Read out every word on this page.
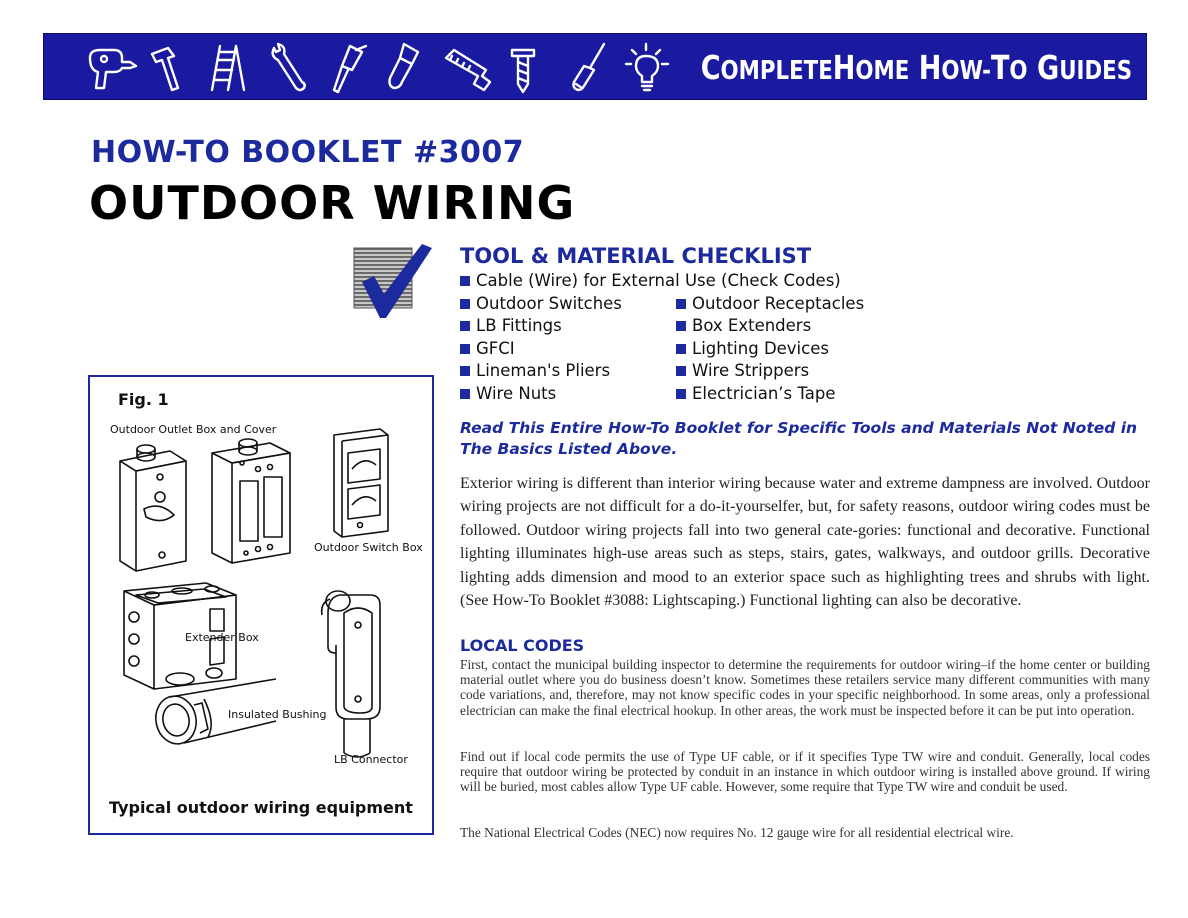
COMPLETEHOME HOW-TO GUIDES
HOW-TO BOOKLET #3007
OUTDOOR WIRING
TOOL & MATERIAL CHECKLIST
Cable (Wire) for External Use (Check Codes)
Outdoor Switches	Outdoor Receptacles
LB Fittings	Box Extenders
GFCI	Lighting Devices
Lineman's Pliers	Wire Strippers
Wire Nuts	Electrician’s Tape
Read This Entire How-To Booklet for Specific Tools and Materials Not Noted in The Basics Listed Above.
Exterior wiring is different than interior wiring because water and extreme dampness are involved. Outdoor wiring projects are not difficult for a do-it-yourselfer, but, for safety reasons, outdoor wiring codes must be followed. Outdoor wiring projects fall into two general cate-gories: functional and decorative. Functional lighting illuminates high-use areas such as steps, stairs, gates, walkways, and outdoor grills. Decorative lighting adds dimension and mood to an exterior space such as highlighting trees and shrubs with light. (See How-To Booklet #3088: Lightscaping.) Functional lighting can also be decorative.
LOCAL CODES
First, contact the municipal building inspector to determine the requirements for outdoor wiring–if the home center or building material outlet where you do business doesn’t know. Sometimes these retailers service many different communities with many code variations, and, therefore, may not know specific codes in your specific neighborhood. In some areas, only a professional electrician can make the final electrical hookup. In other areas, the work must be inspected before it can be put into operation.
Find out if local code permits the use of Type UF cable, or if it specifies Type TW wire and conduit. Generally, local codes require that outdoor wiring be protected by conduit in an instance in which outdoor wiring is installed above ground. If wiring will be buried, most cables allow Type UF cable. However, some require that Type TW wire and conduit be used.
The National Electrical Codes (NEC) now requires No. 12 gauge wire for all residential electrical wire.
Fig. 1
Outdoor Outlet Box and Cover
Outdoor Switch Box
Extender Box
Insulated Bushing
LB Connector
Typical outdoor wiring equipment
